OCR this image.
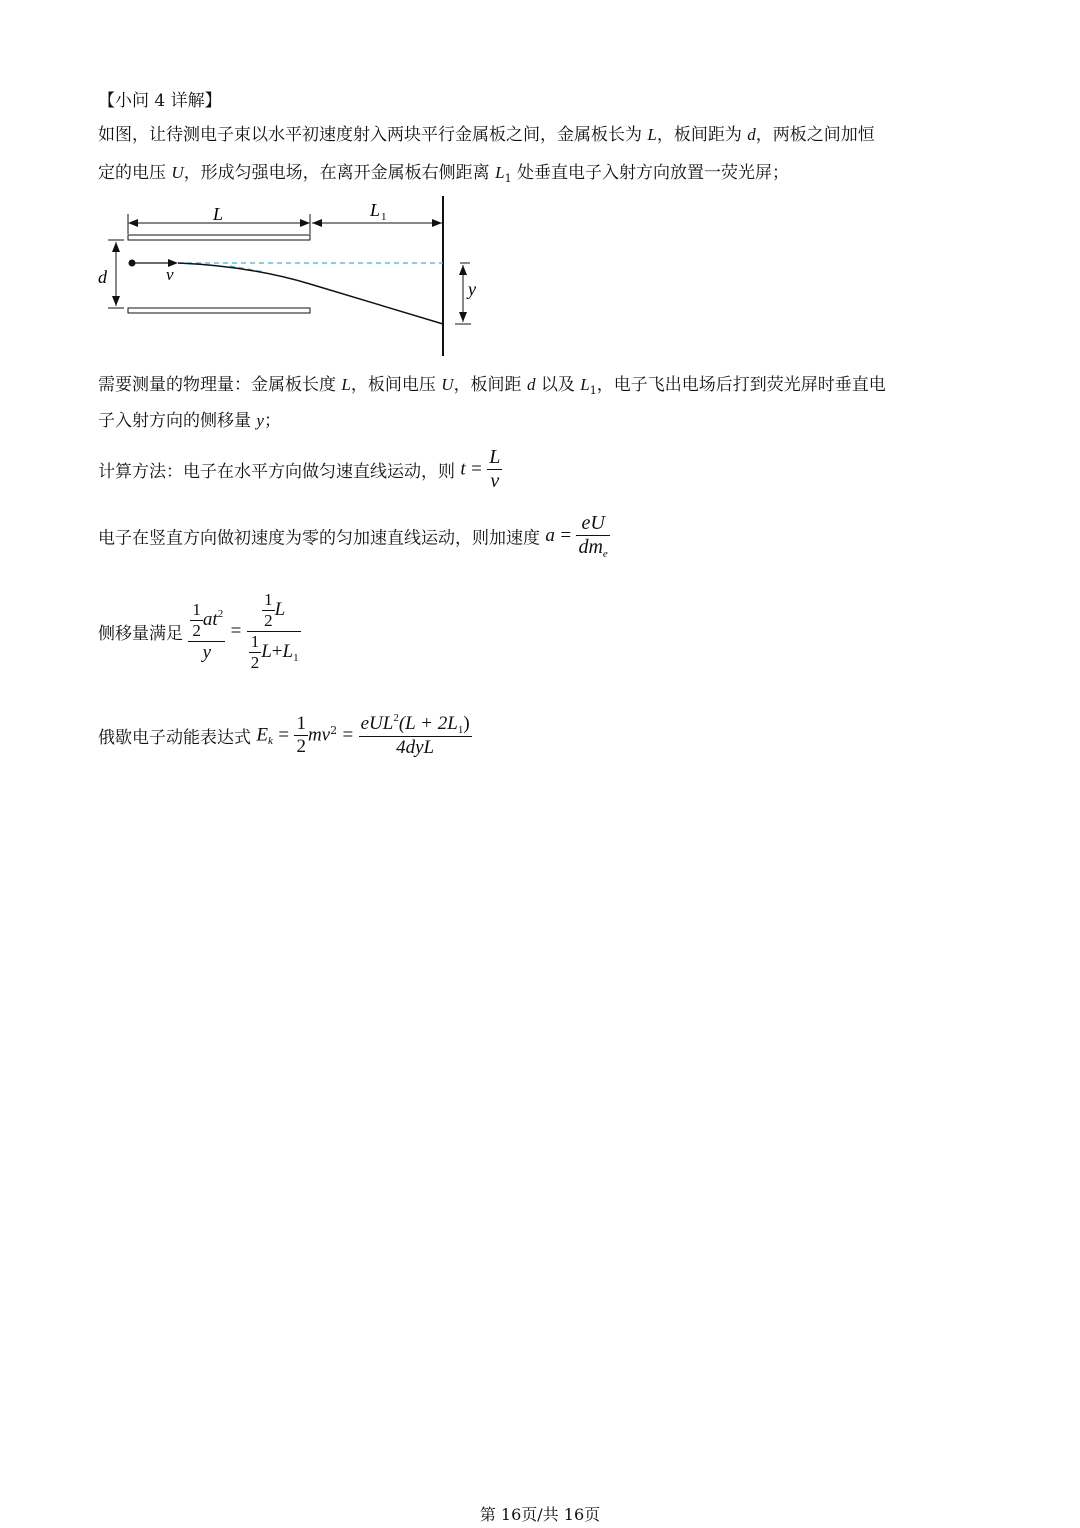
【小问 4 详解】
如图，让待测电子束以水平初速度射入两块平行金属板之间，金属板长为 L，板间距为 d，两板之间加恒
定的电压 U，形成匀强电场，在离开金属板右侧距离 $L_1$ 处垂直电子入射方向放置一荧光屏；
L	L 1
d	v
y
需要测量的物理量：金属板长度 L，板间电压 U，板间距 d 以及 $L_1$，电子飞出电场后打到荧光屏时垂直电
子入射方向的侧移量 y；
计算方法：电子在水平方向做匀速直线运动，则 $t = \frac{L}{v}$
电子在竖直方向做初速度为零的匀加速直线运动，则加速度 $a = \frac{eU}{dm_e}$
侧移量满足 $\frac{\frac{1}{2} at^2}{y} = \frac{\frac{1}{2} L}{\frac{1}{2} L+L_1}$
俄歇电子动能表达式 $E_k = \frac{1}{2} mv^2 = \frac{eUL^2(L + 2L_1)}{\text{4dyL}}$
第 16页/共 16页
